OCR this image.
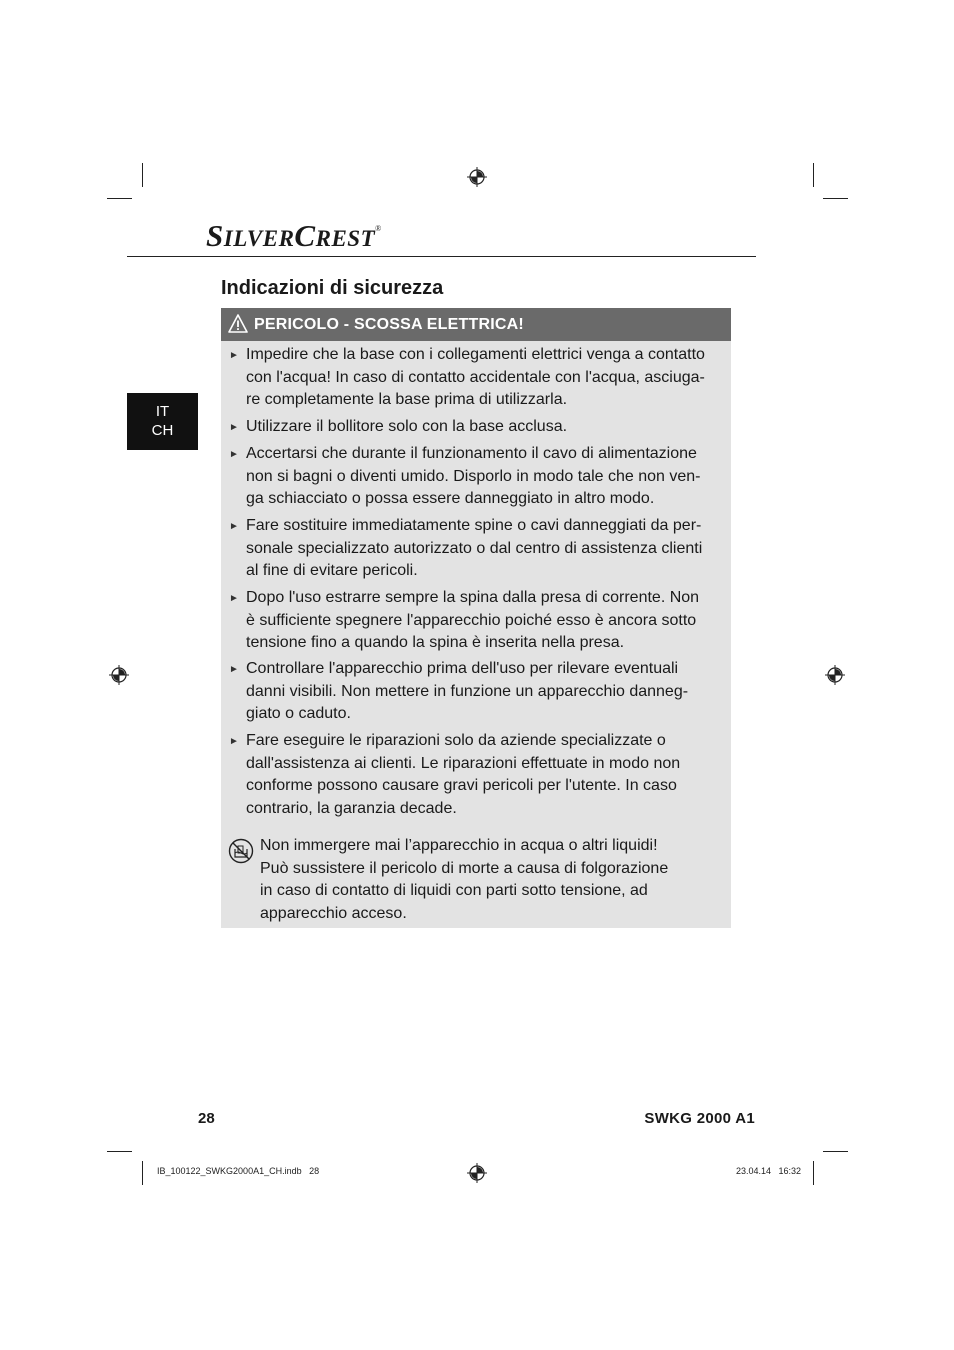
SILVERCREST®
Indicazioni di sicurezza
IT
CH
PERICOLO - SCOSSA ELETTRICA!
► Impedire che la base con i collegamenti elettrici venga a contatto
con l'acqua! In caso di contatto accidentale con l'acqua, asciuga-
re completamente la base prima di utilizzarla.
► Utilizzare il bollitore solo con la base acclusa.
► Accertarsi che durante il funzionamento il cavo di alimentazione
non si bagni o diventi umido. Disporlo in modo tale che non ven-
ga schiacciato o possa essere danneggiato in altro modo.
► Fare sostituire immediatamente spine o cavi danneggiati da per-
sonale specializzato autorizzato o dal centro di assistenza clienti
al fine di evitare pericoli.
► Dopo l'uso estrarre sempre la spina dalla presa di corrente. Non
è sufficiente spegnere l'apparecchio poiché esso è ancora sotto
tensione fino a quando la spina è inserita nella presa.
► Controllare l'apparecchio prima dell'uso per rilevare eventuali
danni visibili. Non mettere in funzione un apparecchio danneg-
giato o caduto.
► Fare eseguire le riparazioni solo da aziende specializzate o
dall'assistenza ai clienti. Le riparazioni effettuate in modo non
conforme possono causare gravi pericoli per l'utente. In caso
contrario, la garanzia decade.
Non immergere mai l’apparecchio in acqua o altri liquidi!
Può sussistere il pericolo di morte a causa di folgorazione
in caso di contatto di liquidi con parti sotto tensione, ad
apparecchio acceso.
28	SWKG 2000 A1
IB_100122_SWKG2000A1_CH.indb   28	23.04.14   16:32
